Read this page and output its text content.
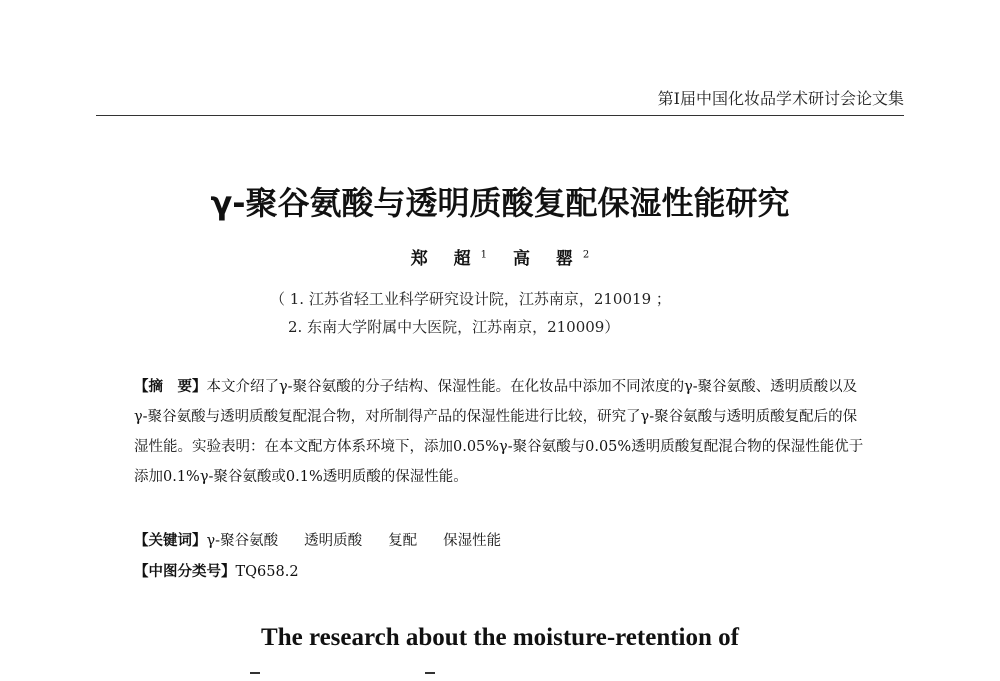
第Ⅰ届中国化妆品学术研讨会论文集
γ-聚谷氨酸与透明质酸复配保湿性能研究
郑 超$^1$ 高 罂$^2$
（ 1. 江苏省轻工业科学研究设计院，江苏南京，210019 ；
2. 东南大学附属中大医院，江苏南京，210009）
【摘　要】本文介绍了γ-聚谷氨酸的分子结构、保湿性能。在化妆品中添加不同浓度的γ-聚谷氨酸、透明质酸以及γ-聚谷氨酸与透明质酸复配混合物，对所制得产品的保湿性能进行比较，研究了γ-聚谷氨酸与透明质酸复配后的保湿性能。实验表明：在本文配方体系环境下，添加0.05%γ-聚谷氨酸与0.05%透明质酸复配混合物的保湿性能优于添加0.1%γ-聚谷氨酸或0.1%透明质酸的保湿性能。
【关键词】γ-聚谷氨酸 透明质酸 复配 保湿性能
【中图分类号】TQ658.2
The research about the moisture-retention of
